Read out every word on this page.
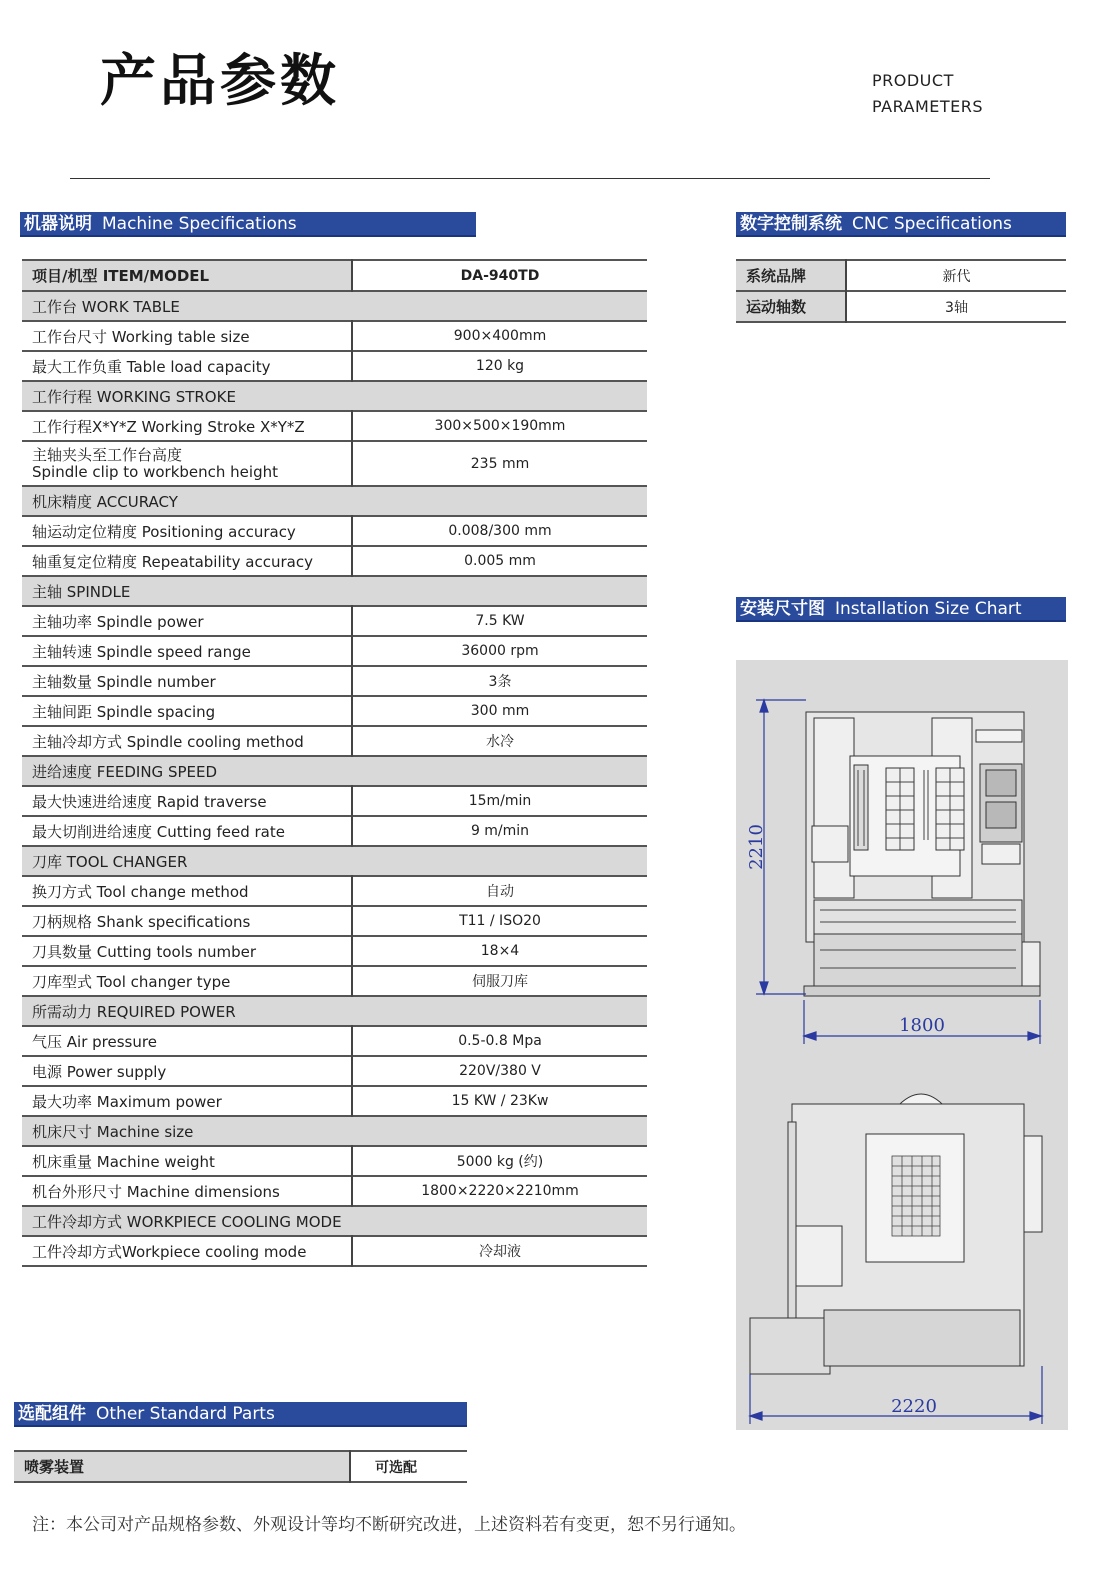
产品参数	PRODUCT
PARAMETERS
机器说明 Machine Specifications
项目/机型 ITEM/MODEL	DA-940TD
工作台 WORK TABLE	
工作台尺寸 Working table size	900×400mm
最大工作负重 Table load capacity	120 kg
工作行程 WORKING STROKE	
工作行程X*Y*Z Working Stroke X*Y*Z	300×500×190mm

主轴夹头至工作台高度
Spindle clip to workbench height	235 mm
机床精度 ACCURACY	
轴运动定位精度 Positioning accuracy	0.008/300 mm
轴重复定位精度 Repeatability accuracy	0.005 mm
主轴 SPINDLE	
主轴功率 Spindle power	7.5 KW
主轴转速 Spindle speed range	36000 rpm
主轴数量 Spindle number	3条
主轴间距 Spindle spacing	300 mm
主轴冷却方式 Spindle cooling method	水冷
进给速度 FEEDING SPEED	
最大快速进给速度 Rapid traverse	15m/min
最大切削进给速度 Cutting feed rate	9 m/min
刀库 TOOL CHANGER	
换刀方式 Tool change method	自动
刀柄规格 Shank specifications	T11 / ISO20
刀具数量 Cutting tools number	18×4
刀库型式 Tool changer type	伺服刀库
所需动力 REQUIRED POWER	
气压 Air pressure	0.5-0.8 Mpa
电源 Power supply	220V/380 V
最大功率 Maximum power	15 KW / 23Kw
机床尺寸 Machine size	
机床重量 Machine weight	5000 kg (约)
机台外形尺寸 Machine dimensions	1800×2220×2210mm
工件冷却方式 WORKPIECE COOLING MODE	
工件冷却方式Workpiece cooling mode	冷却液
数字控制系统 CNC Specifications
系统品牌	新代
运动轴数	3轴
安装尺寸图 Installation Size Chart
2210
1800
2220
选配组件 Other Standard Parts
喷雾装置	可选配
注：本公司对产品规格参数、外观设计等均不断研究改进，上述资料若有变更，恕不另行通知。
